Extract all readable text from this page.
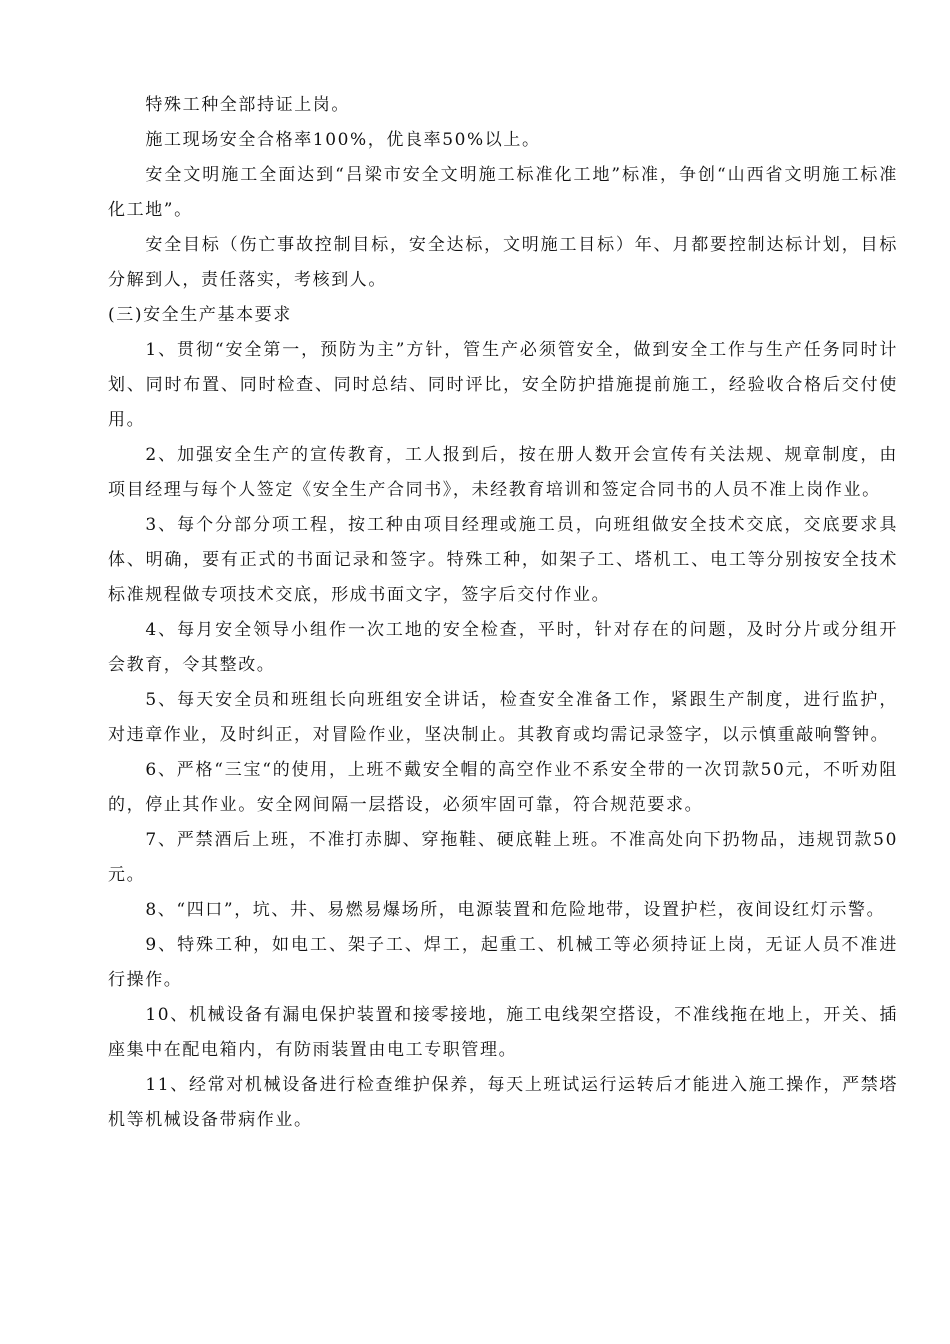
特殊工种全部持证上岗。

施工现场安全合格率100%，优良率50%以上。

安全文明施工全面达到“吕梁市安全文明施工标准化工地”标准，争创“山西省文明施工标准化工地”。

安全目标（伤亡事故控制目标，安全达标，文明施工目标）年、月都要控制达标计划，目标分解到人，责任落实，考核到人。

(三)安全生产基本要求

1、贯彻“安全第一，预防为主”方针，管生产必须管安全，做到安全工作与生产任务同时计划、同时布置、同时检查、同时总结、同时评比，安全防护措施提前施工，经验收合格后交付使用。

2、加强安全生产的宣传教育，工人报到后，按在册人数开会宣传有关法规、规章制度，由项目经理与每个人签定《安全生产合同书》，未经教育培训和签定合同书的人员不准上岗作业。

3、每个分部分项工程，按工种由项目经理或施工员，向班组做安全技术交底，交底要求具体、明确，要有正式的书面记录和签字。特殊工种，如架子工、塔机工、电工等分别按安全技术标准规程做专项技术交底，形成书面文字，签字后交付作业。

4、每月安全领导小组作一次工地的安全检查，平时，针对存在的问题，及时分片或分组开会教育，令其整改。

5、每天安全员和班组长向班组安全讲话，检查安全准备工作，紧跟生产制度，进行监护，对违章作业，及时纠正，对冒险作业，坚决制止。其教育或均需记录签字，以示慎重敲响警钟。

6、严格“三宝“的使用，上班不戴安全帽的高空作业不系安全带的一次罚款50元，不听劝阻的，停止其作业。安全网间隔一层搭设，必须牢固可靠，符合规范要求。

7、严禁酒后上班，不准打赤脚、穿拖鞋、硬底鞋上班。不准高处向下扔物品，违规罚款50元。

8、“四口”，坑、井、易燃易爆场所，电源装置和危险地带，设置护栏，夜间设红灯示警。

9、特殊工种，如电工、架子工、焊工，起重工、机械工等必须持证上岗，无证人员不准进行操作。

10、机械设备有漏电保护装置和接零接地，施工电线架空搭设，不准线拖在地上，开关、插座集中在配电箱内，有防雨装置由电工专职管理。

11、经常对机械设备进行检查维护保养，每天上班试运行运转后才能进入施工操作，严禁塔机等机械设备带病作业。
